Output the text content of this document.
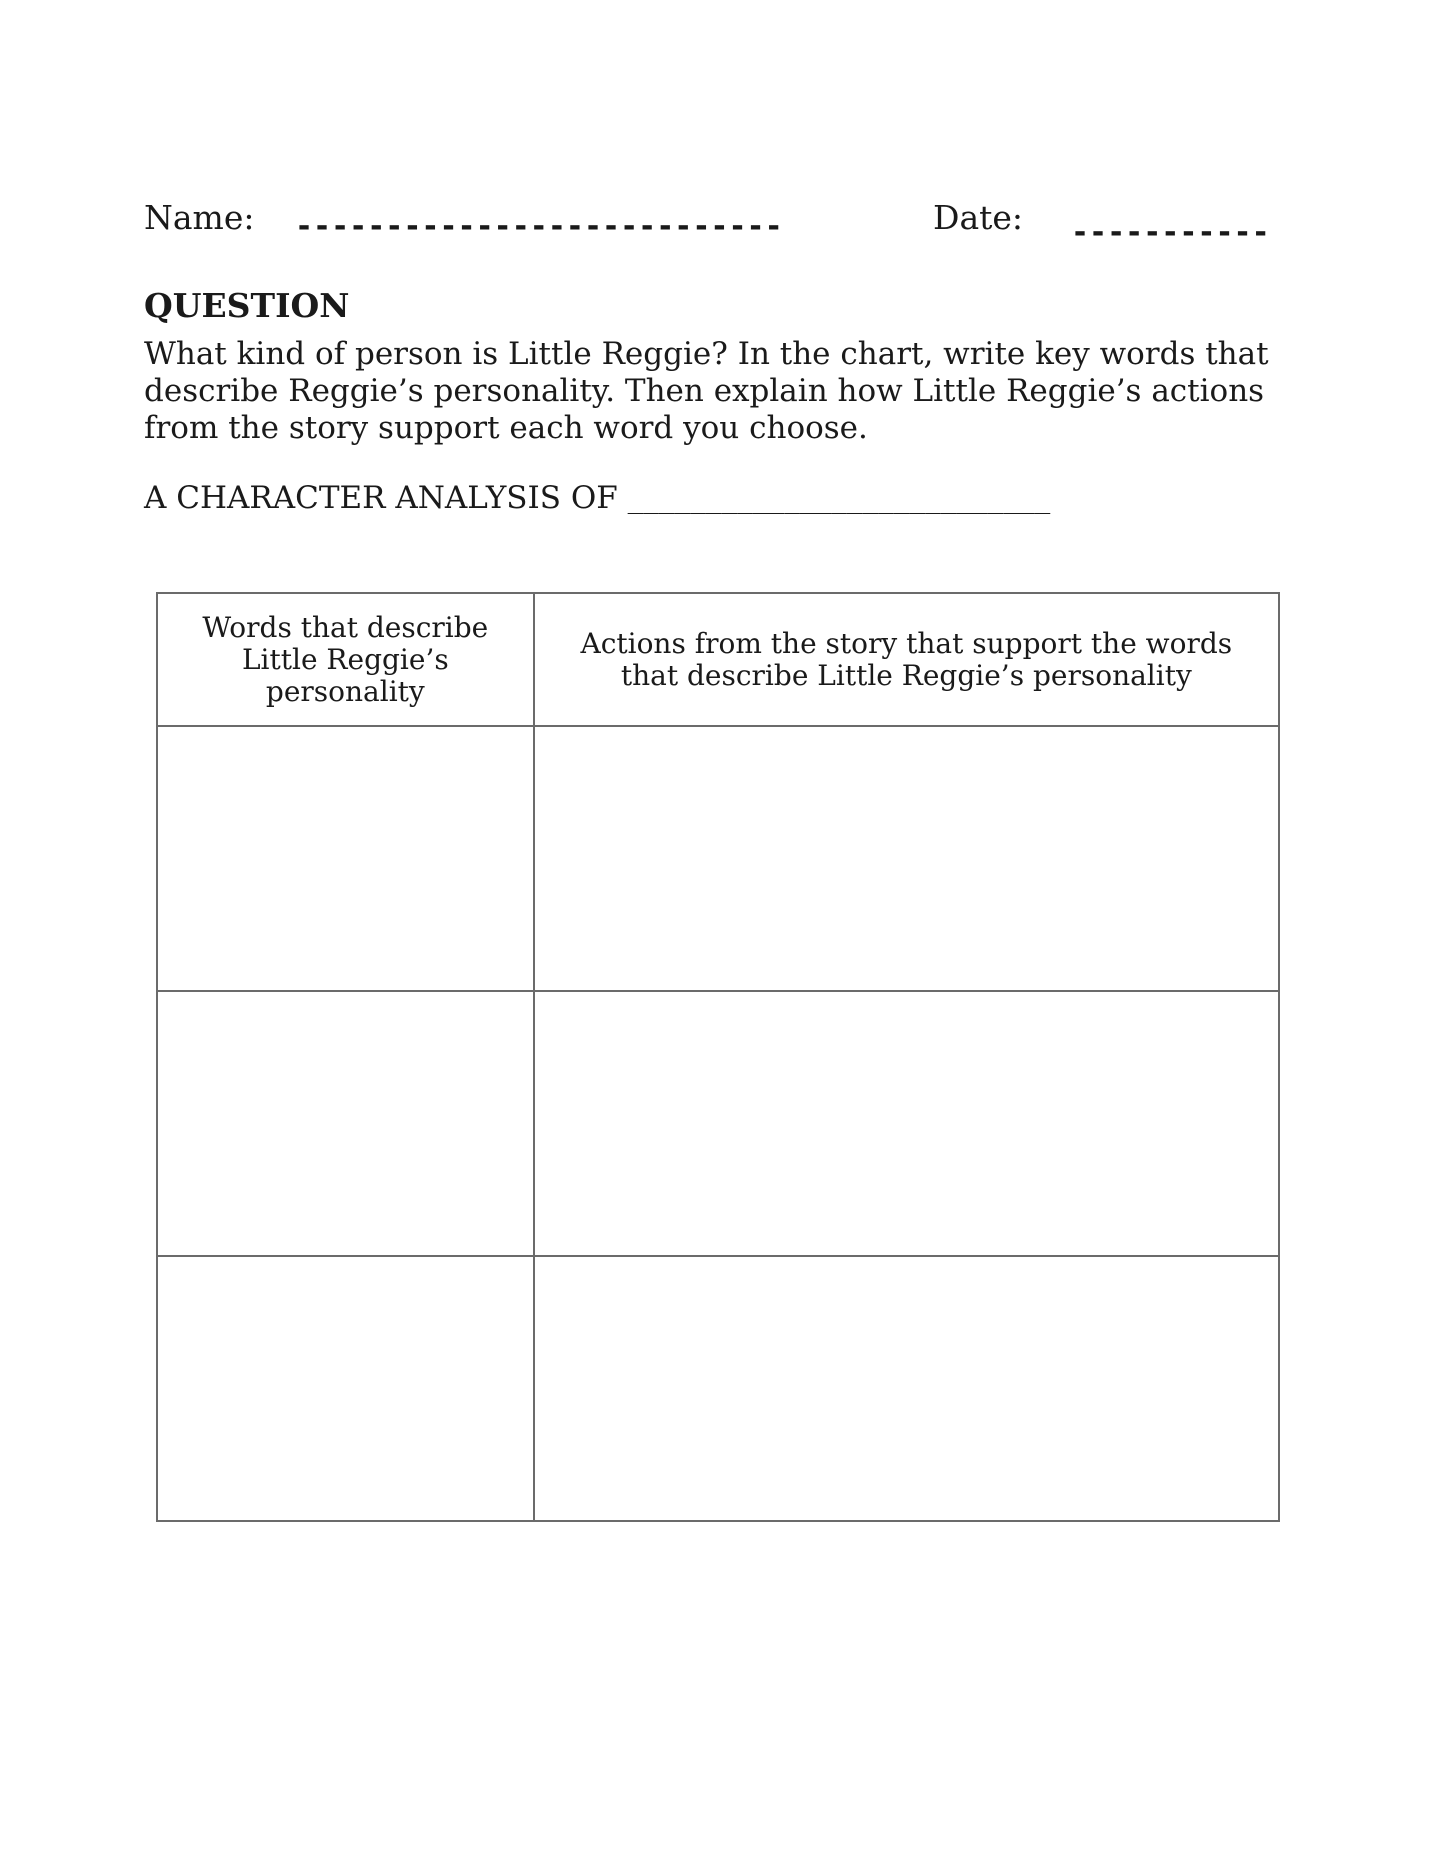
Name: ---------------------------	Date: -----------
QUESTION
What kind of person is Little Reggie? In the chart, write key words that describe Reggie’s personality. Then explain how Little Reggie’s actions from the story support each word you choose.
A CHARACTER ANALYSIS OF ___________________________
Words that describe Little Reggie’s personality	Actions from the story that support the words that describe Little Reggie’s personality
